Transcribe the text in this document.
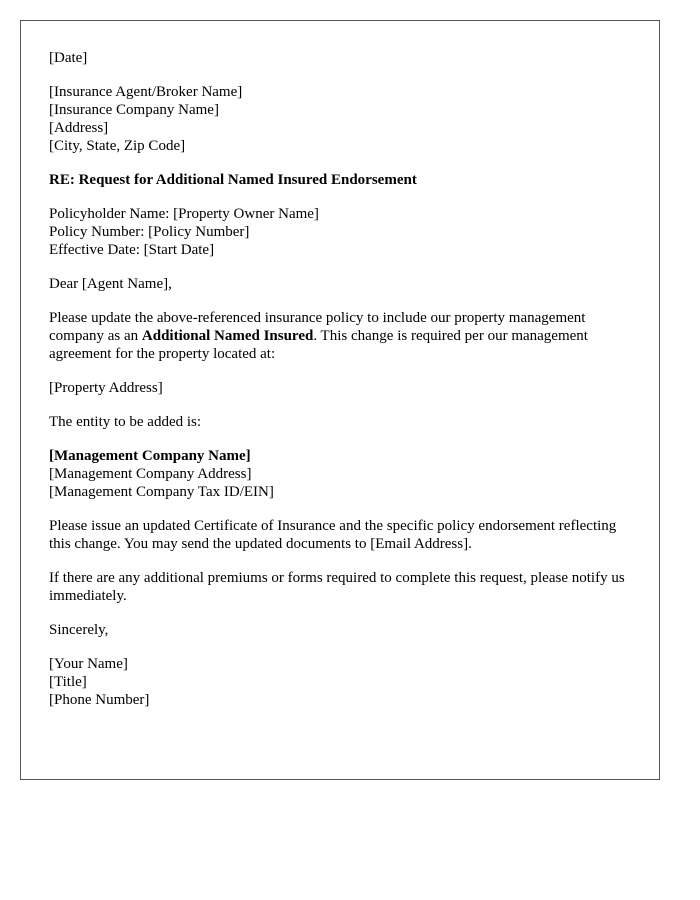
[Date]
[Insurance Agent/Broker Name]
[Insurance Company Name]
[Address]
[City, State, Zip Code]
RE: Request for Additional Named Insured Endorsement
Policyholder Name: [Property Owner Name]
Policy Number: [Policy Number]
Effective Date: [Start Date]
Dear [Agent Name],

Please update the above-referenced insurance policy to include our property management company as an Additional Named Insured. This change is required per our management agreement for the property located at:

[Property Address]
The entity to be added is:
[Management Company Name]
[Management Company Address]
[Management Company Tax ID/EIN]

Please issue an updated Certificate of Insurance and the specific policy endorsement reflecting this change. You may send the updated documents to [Email Address].

If there are any additional premiums or forms required to complete this request, please notify us immediately.

Sincerely,
[Your Name]
[Title]
[Phone Number]
